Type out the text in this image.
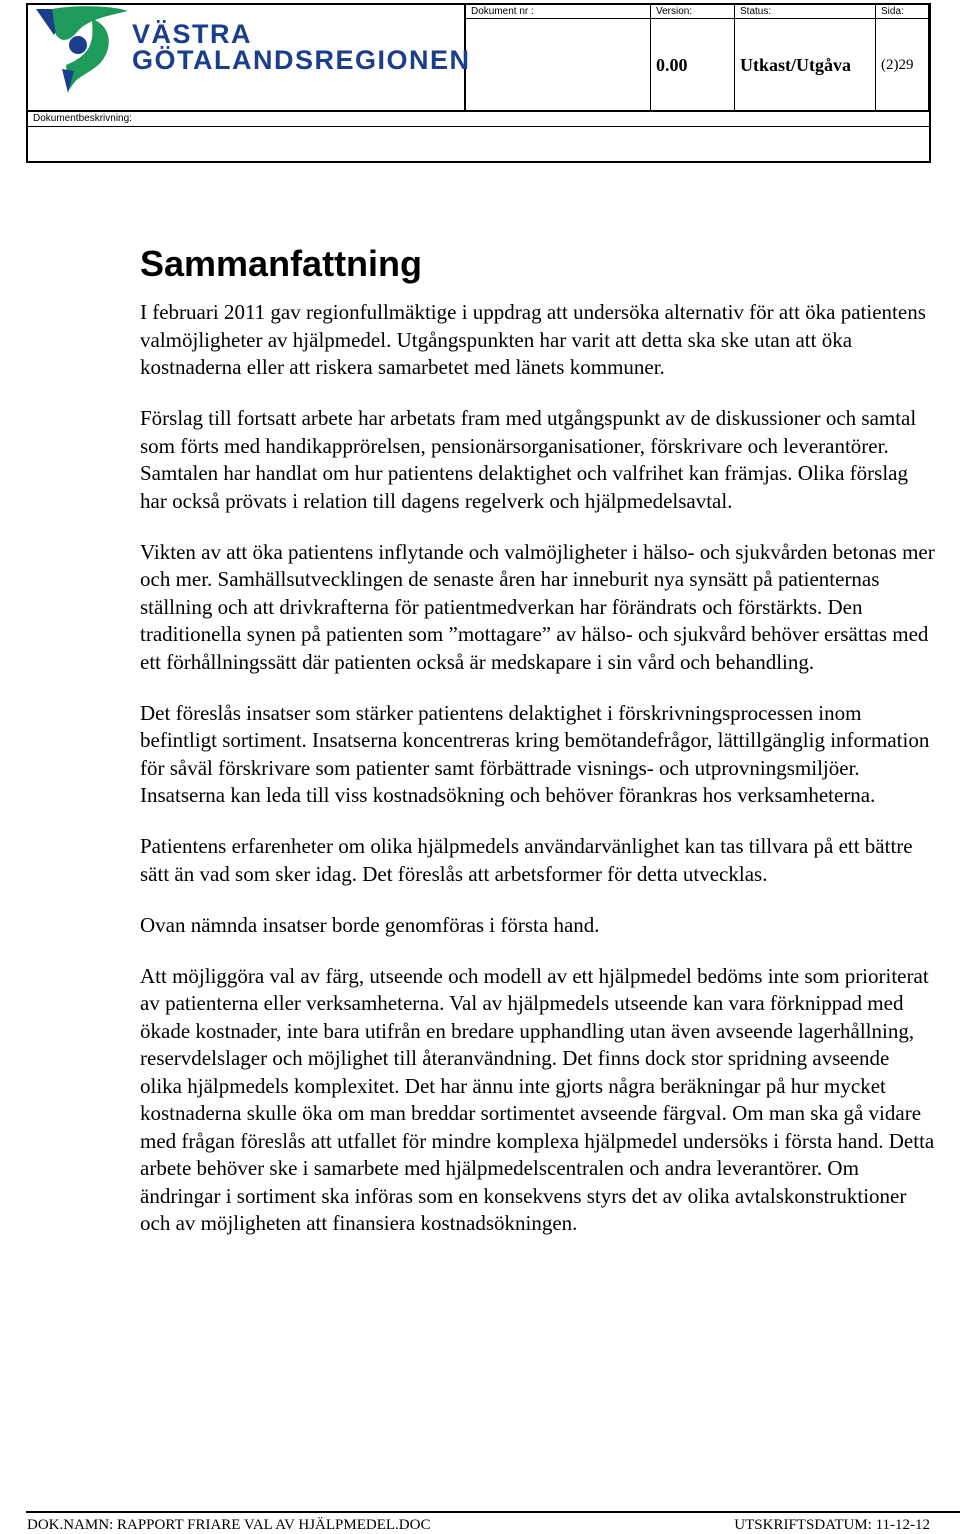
VÄSTRA
GÖTALANDSREGIONEN
Dokument nr :	Version:
0.00
Status:
Utkast/Utgåva
Sida:
(2)29
Dokumentbeskrivning:
Sammanfattning

I februari 2011 gav regionfullmäktige i uppdrag att undersöka alternativ för att öka patientens valmöjligheter av hjälpmedel. Utgångspunkten har varit att detta ska ske utan att öka kostnaderna eller att riskera samarbetet med länets kommuner.

Förslag till fortsatt arbete har arbetats fram med utgångspunkt av de diskussioner och samtal som förts med handikapprörelsen, pensionärsorganisationer, förskrivare och leverantörer. Samtalen har handlat om hur patientens delaktighet och valfrihet kan främjas. Olika förslag har också prövats i relation till dagens regelverk och hjälpmedelsavtal.

Vikten av att öka patientens inflytande och valmöjligheter i hälso- och sjukvården betonas mer och mer. Samhällsutvecklingen de senaste åren har inneburit nya synsätt på patienternas ställning och att drivkrafterna för patientmedverkan har förändrats och förstärkts. Den traditionella synen på patienten som ”mottagare” av hälso- och sjukvård behöver ersättas med ett förhållningssätt där patienten också är medskapare i sin vård och behandling.

Det föreslås insatser som stärker patientens delaktighet i förskrivningsprocessen inom befintligt sortiment. Insatserna koncentreras kring bemötandefrågor, lättillgänglig information för såväl förskrivare som patienter samt förbättrade visnings- och utprovningsmiljöer. Insatserna kan leda till viss kostnadsökning och behöver förankras hos verksamheterna.

Patientens erfarenheter om olika hjälpmedels användarvänlighet kan tas tillvara på ett bättre sätt än vad som sker idag. Det föreslås att arbetsformer för detta utvecklas.

Ovan nämnda insatser borde genomföras i första hand.

Att möjliggöra val av färg, utseende och modell av ett hjälpmedel bedöms inte som prioriterat av patienterna eller verksamheterna. Val av hjälpmedels utseende kan vara förknippad med ökade kostnader, inte bara utifrån en bredare upphandling utan även avseende lagerhållning, reservdelslager och möjlighet till återanvändning. Det finns dock stor spridning avseende olika hjälpmedels komplexitet. Det har ännu inte gjorts några beräkningar på hur mycket kostnaderna skulle öka om man breddar sortimentet avseende färgval. Om man ska gå vidare med frågan föreslås att utfallet för mindre komplexa hjälpmedel undersöks i första hand. Detta arbete behöver ske i samarbete med hjälpmedelscentralen och andra leverantörer. Om ändringar i sortiment ska införas som en konsekvens styrs det av olika avtalskonstruktioner och av möjligheten att finansiera kostnadsökningen.

DOK.NAMN: RAPPORT FRIARE VAL AV HJÄLPMEDEL.DOC	UTSKRIFTSDATUM: 11-12-12
